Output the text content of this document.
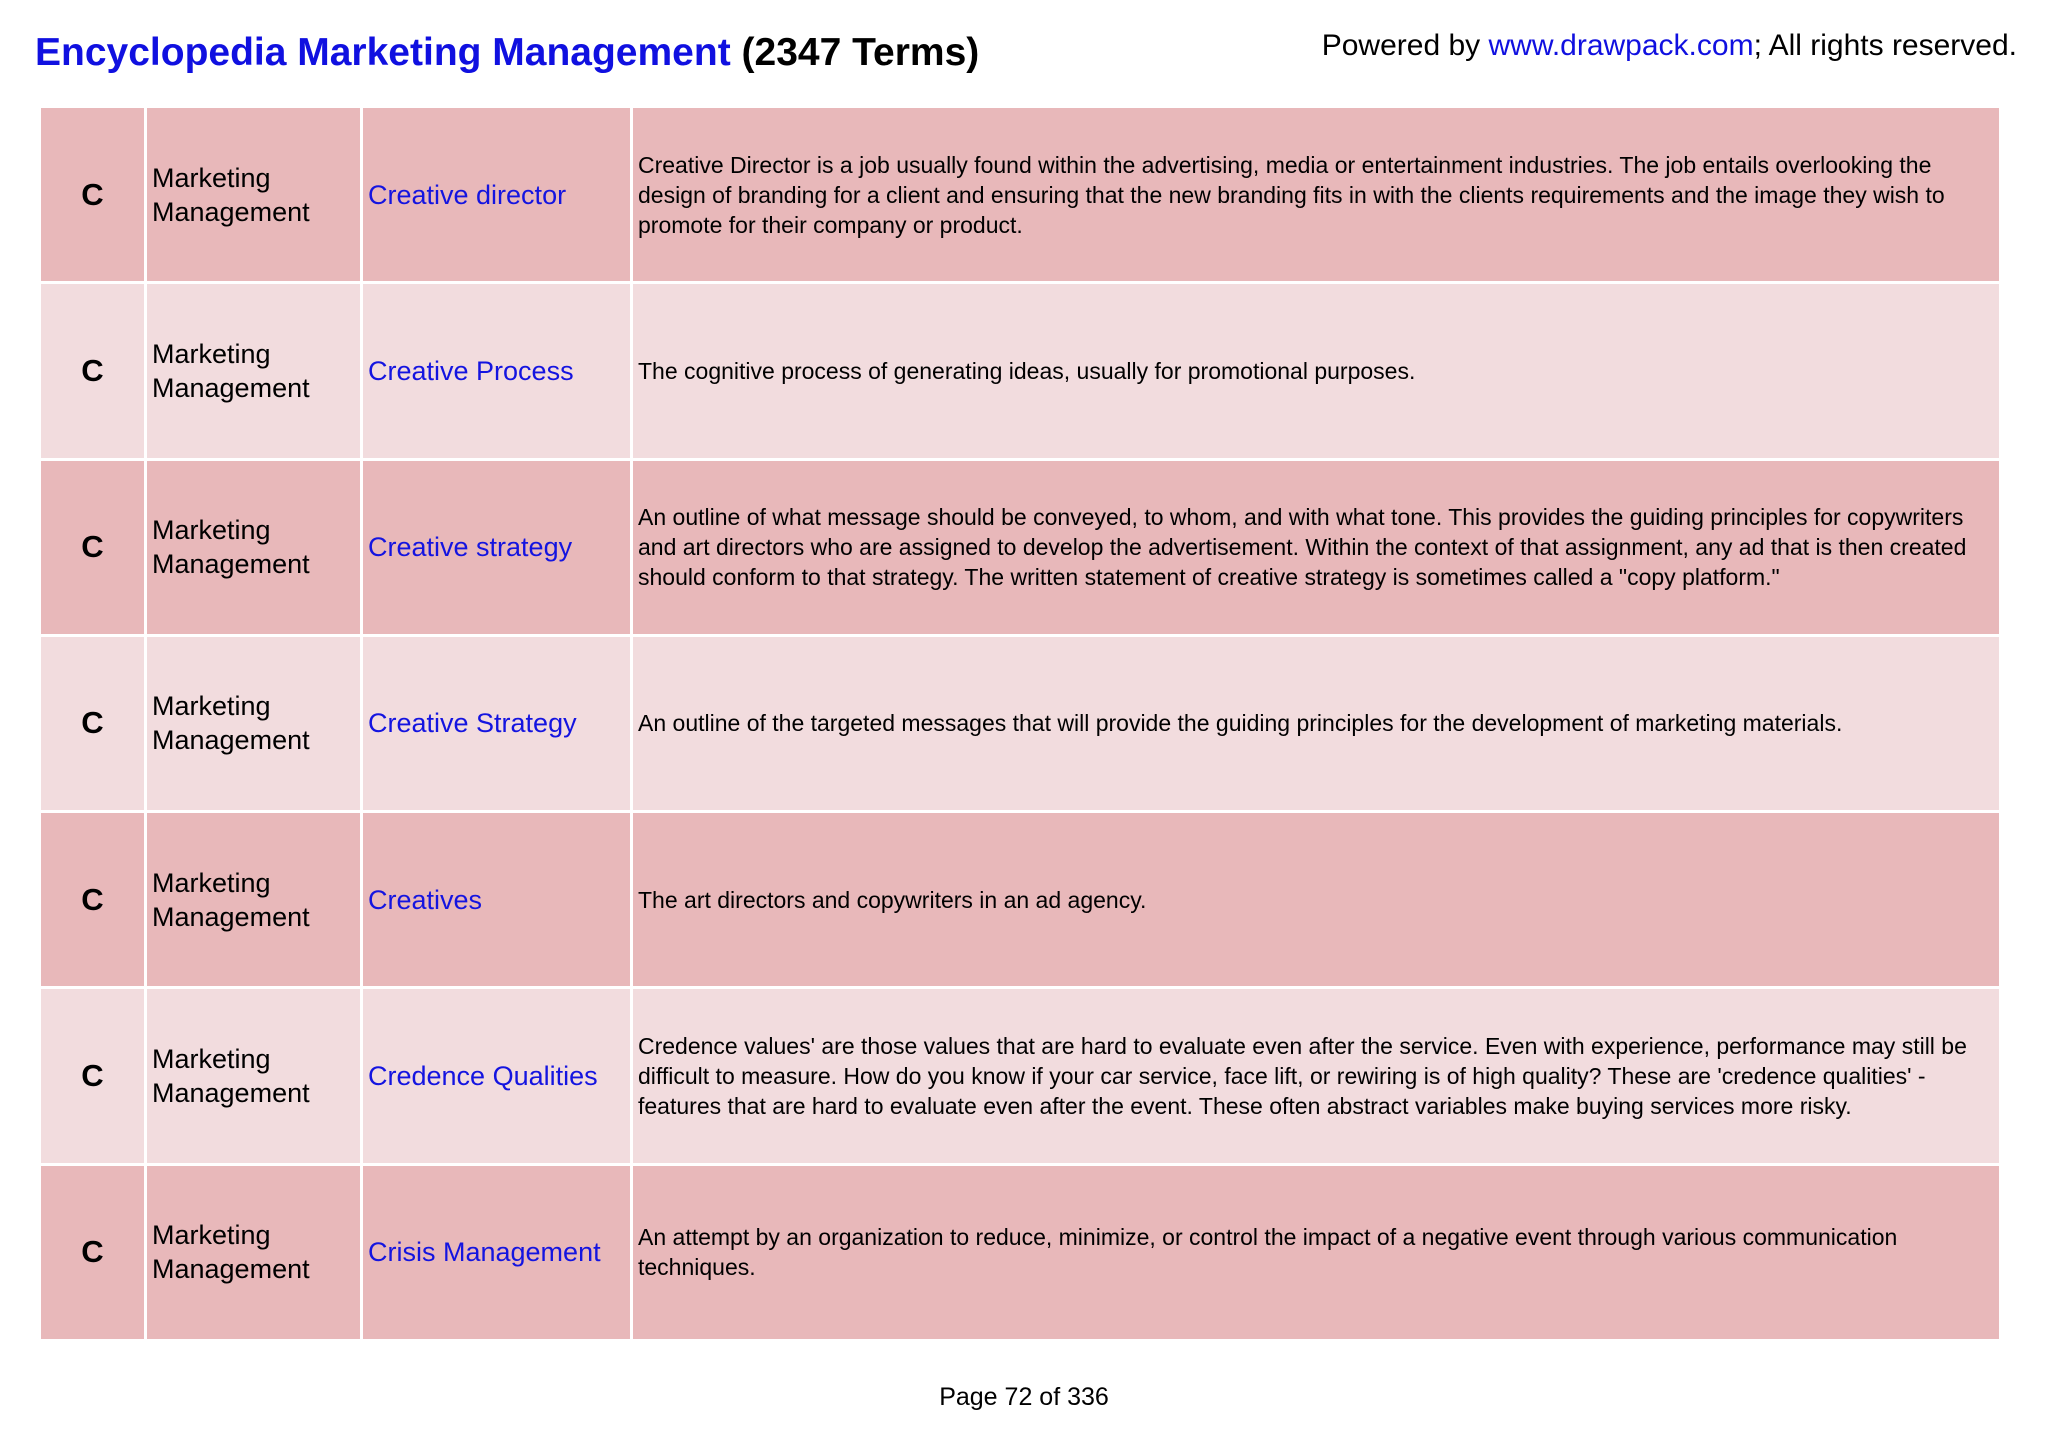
Encyclopedia Marketing Management (2347 Terms)	Powered by www.drawpack.com; All rights reserved.
C	Marketing Management	Creative director	Creative Director is a job usually found within the advertising, media or entertainment industries. The job entails overlooking the design of branding for a client and ensuring that the new branding fits in with the clients requirements and the image they wish to promote for their company or product.
C	Marketing Management	Creative Process	The cognitive process of generating ideas, usually for promotional purposes.
C	Marketing Management	Creative strategy	An outline of what message should be conveyed, to whom, and with what tone. This provides the guiding principles for copywriters and art directors who are assigned to develop the advertisement. Within the context of that assignment, any ad that is then created should conform to that strategy. The written statement of creative strategy is sometimes called a "copy platform."
C	Marketing Management	Creative Strategy	An outline of the targeted messages that will provide the guiding principles for the development of marketing materials.
C	Marketing Management	Creatives	The art directors and copywriters in an ad agency.
C	Marketing Management	Credence Qualities	Credence values' are those values that are hard to evaluate even after the service. Even with experience, performance may still be difficult to measure. How do you know if your car service, face lift, or rewiring is of high quality? These are 'credence qualities' - features that are hard to evaluate even after the event. These often abstract variables make buying services more risky.
C	Marketing Management	Crisis Management	An attempt by an organization to reduce, minimize, or control the impact of a negative event through various communication techniques.
Page 72 of 336
